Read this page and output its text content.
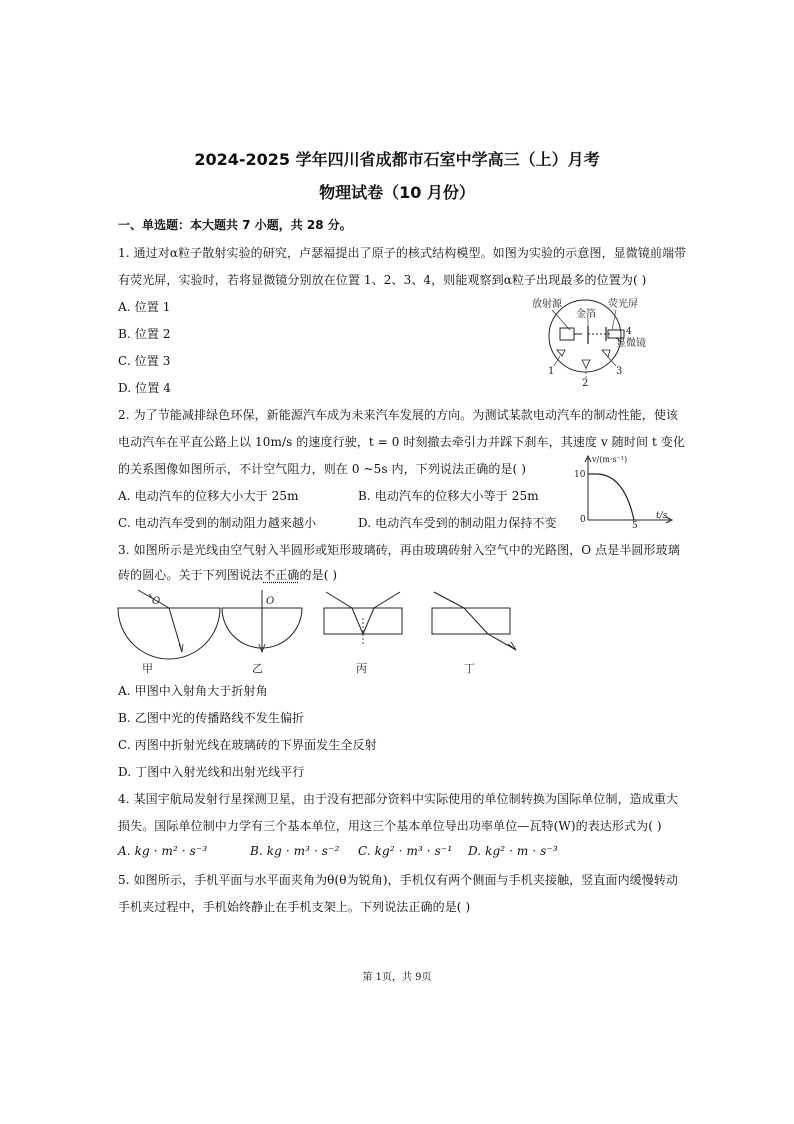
2024-2025 学年四川省成都市石室中学高三（上）月考
物理试卷（10 月份）
一、单选题：本大题共 7 小题，共 28 分。
1. 通过对α粒子散射实验的研究，卢瑟福提出了原子的核式结构模型。如图为实验的示意图，显微镜前端带
有荧光屏，实验时，若将显微镜分别放在位置 1、2、3、4，则能观察到α粒子出现最多的位置为( )
A. 位置 1
B. 位置 2
C. 位置 3
D. 位置 4
放射源
金箔
荧光屏
4
显微镜
1
2
3
2. 为了节能减排绿色环保，新能源汽车成为未来汽车发展的方向。为测试某款电动汽车的制动性能，使该
电动汽车在平直公路上以 10m/s 的速度行驶，t = 0 时刻撤去牵引力并踩下刹车，其速度 v 随时间 t 变化
的关系图像如图所示，不计空气阻力，则在 0 ~5s 内，下列说法正确的是( )
A. 电动汽车的位移大小大于 25m	B. 电动汽车的位移大小等于 25m
C. 电动汽车受到的制动阻力越来越小	D. 电动汽车受到的制动阻力保持不变
v/(m·s⁻¹)
10
0
5
t/s
3. 如图所示是光线由空气射入半圆形或矩形玻璃砖，再由玻璃砖射入空气中的光路图，O 点是半圆形玻璃
砖的圆心。关于下列图说法不正确的是( )
O	O
甲	乙	丙	丁
A. 甲图中入射角大于折射角
B. 乙图中光的传播路线不发生偏折
C. 丙图中折射光线在玻璃砖的下界面发生全反射
D. 丁图中入射光线和出射光线平行
4. 某国宇航局发射行星探测卫星，由于没有把部分资料中实际使用的单位制转换为国际单位制，造成重大
损失。国际单位制中力学有三个基本单位，用这三个基本单位导出功率单位—瓦特(W)的表达形式为( )
A. kg · m² · s⁻³	B. kg · m³ · s⁻² C. kg² · m³ · s⁻¹ D. kg² · m · s⁻³
5. 如图所示，手机平面与水平面夹角为θ(θ为锐角)，手机仅有两个侧面与手机夹接触，竖直面内缓慢转动
手机夹过程中，手机始终静止在手机支架上。下列说法正确的是( )
第 1页，共 9页
